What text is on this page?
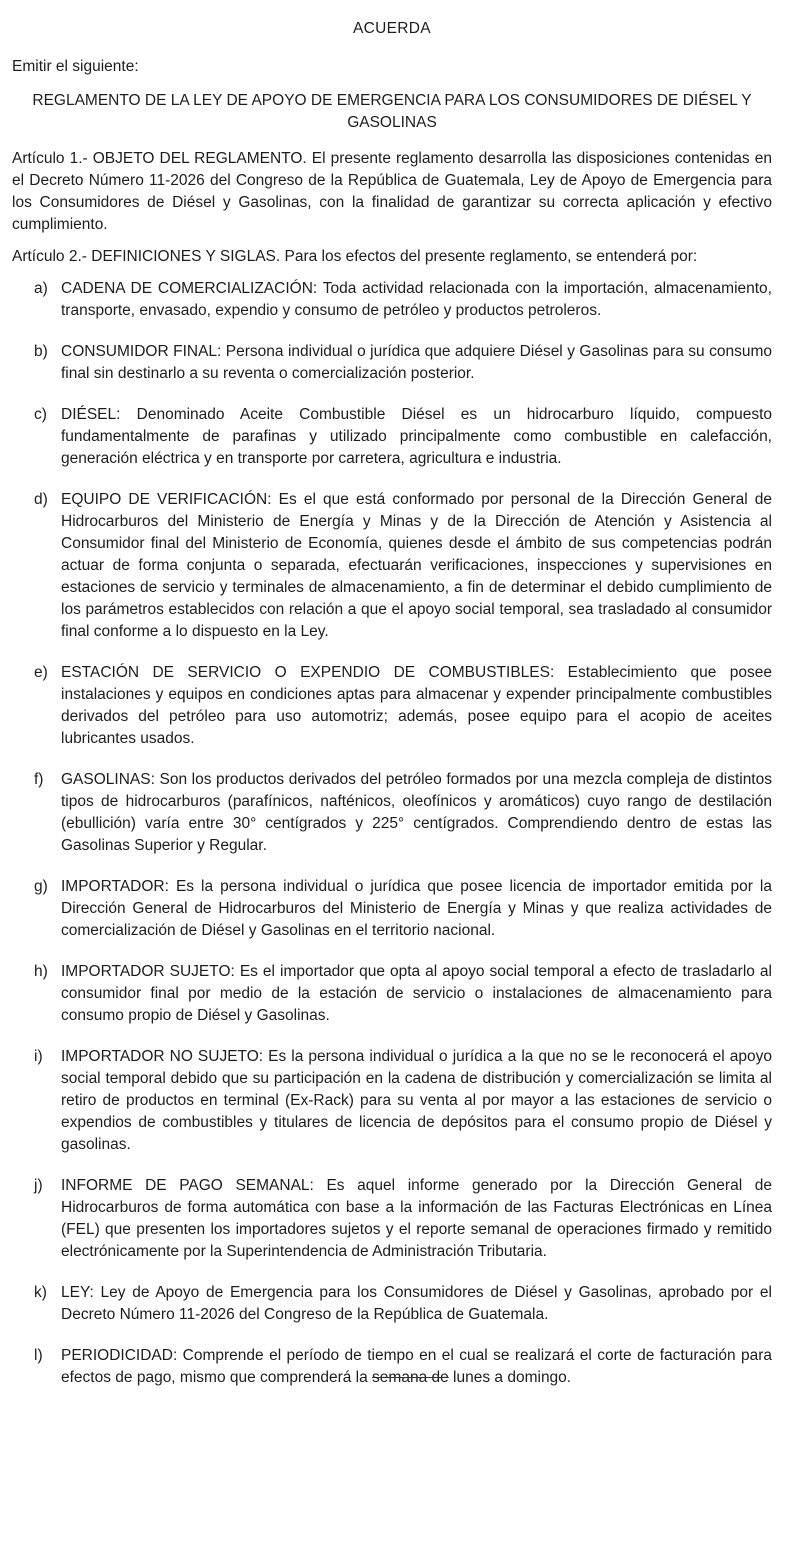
ACUERDA
Emitir el siguiente:
REGLAMENTO DE LA LEY DE APOYO DE EMERGENCIA PARA LOS CONSUMIDORES DE DIÉSEL Y GASOLINAS

Artículo 1.- OBJETO DEL REGLAMENTO. El presente reglamento desarrolla las disposiciones contenidas en el Decreto Número 11-2026 del Congreso de la República de Guatemala, Ley de Apoyo de Emergencia para los Consumidores de Diésel y Gasolinas, con la finalidad de garantizar su correcta aplicación y efectivo cumplimiento.

Artículo 2.- DEFINICIONES Y SIGLAS. Para los efectos del presente reglamento, se entenderá por:

a) CADENA DE COMERCIALIZACIÓN: Toda actividad relacionada con la importación, almacenamiento, transporte, envasado, expendio y consumo de petróleo y productos petroleros.
b) CONSUMIDOR FINAL: Persona individual o jurídica que adquiere Diésel y Gasolinas para su consumo final sin destinarlo a su reventa o comercialización posterior.
c) DIÉSEL: Denominado Aceite Combustible Diésel es un hidrocarburo líquido, compuesto fundamentalmente de parafinas y utilizado principalmente como combustible en calefacción, generación eléctrica y en transporte por carretera, agricultura e industria.
d) EQUIPO DE VERIFICACIÓN: Es el que está conformado por personal de la Dirección General de Hidrocarburos del Ministerio de Energía y Minas y de la Dirección de Atención y Asistencia al Consumidor final del Ministerio de Economía, quienes desde el ámbito de sus competencias podrán actuar de forma conjunta o separada, efectuarán verificaciones, inspecciones y supervisiones en estaciones de servicio y terminales de almacenamiento, a fin de determinar el debido cumplimiento de los parámetros establecidos con relación a que el apoyo social temporal, sea trasladado al consumidor final conforme a lo dispuesto en la Ley.
e) ESTACIÓN DE SERVICIO O EXPENDIO DE COMBUSTIBLES: Establecimiento que posee instalaciones y equipos en condiciones aptas para almacenar y expender principalmente combustibles derivados del petróleo para uso automotriz; además, posee equipo para el acopio de aceites lubricantes usados.
f) GASOLINAS: Son los productos derivados del petróleo formados por una mezcla compleja de distintos tipos de hidrocarburos (parafínicos, nafténicos, oleofínicos y aromáticos) cuyo rango de destilación (ebullición) varía entre 30° centígrados y 225° centígrados. Comprendiendo dentro de estas las Gasolinas Superior y Regular.
g) IMPORTADOR: Es la persona individual o jurídica que posee licencia de importador emitida por la Dirección General de Hidrocarburos del Ministerio de Energía y Minas y que realiza actividades de comercialización de Diésel y Gasolinas en el territorio nacional.
h) IMPORTADOR SUJETO: Es el importador que opta al apoyo social temporal a efecto de trasladarlo al consumidor final por medio de la estación de servicio o instalaciones de almacenamiento para consumo propio de Diésel y Gasolinas.
i) IMPORTADOR NO SUJETO: Es la persona individual o jurídica a la que no se le reconocerá el apoyo social temporal debido que su participación en la cadena de distribución y comercialización se limita al retiro de productos en terminal (Ex-Rack) para su venta al por mayor a las estaciones de servicio o expendios de combustibles y titulares de licencia de depósitos para el consumo propio de Diésel y gasolinas.
j) INFORME DE PAGO SEMANAL: Es aquel informe generado por la Dirección General de Hidrocarburos de forma automática con base a la información de las Facturas Electrónicas en Línea (FEL) que presenten los importadores sujetos y el reporte semanal de operaciones firmado y remitido electrónicamente por la Superintendencia de Administración Tributaria.
k) LEY: Ley de Apoyo de Emergencia para los Consumidores de Diésel y Gasolinas, aprobado por el Decreto Número 11-2026 del Congreso de la República de Guatemala.
l) PERIODICIDAD: Comprende el período de tiempo en el cual se realizará el corte de facturación para efectos de pago, mismo que comprenderá la semana de lunes a domingo.
